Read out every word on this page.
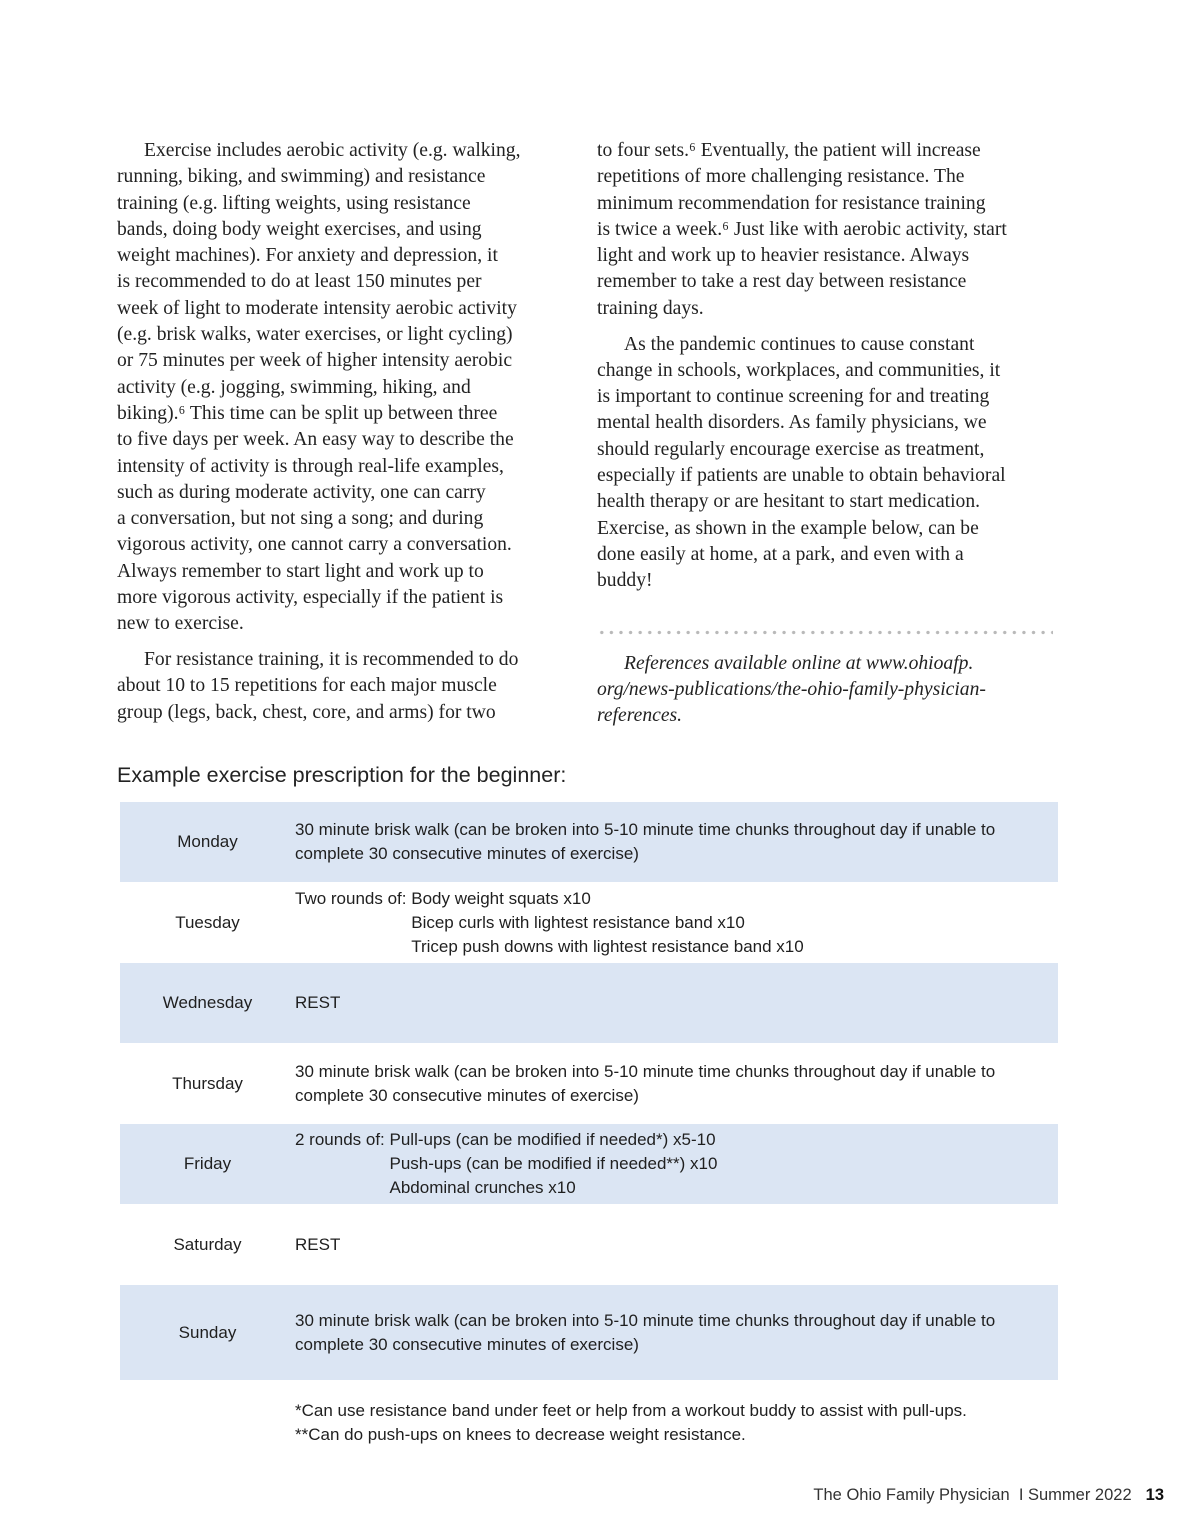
Exercise includes aerobic activity (e.g. walking,
running, biking, and swimming) and resistance
training (e.g. lifting weights, using resistance
bands, doing body weight exercises, and using
weight machines). For anxiety and depression, it
is recommended to do at least 150 minutes per
week of light to moderate intensity aerobic activity
(e.g. brisk walks, water exercises, or light cycling)
or 75 minutes per week of higher intensity aerobic
activity (e.g. jogging, swimming, hiking, and
biking).⁶ This time can be split up between three
to five days per week. An easy way to describe the
intensity of activity is through real-life examples,
such as during moderate activity, one can carry
a conversation, but not sing a song; and during
vigorous activity, one cannot carry a conversation.
Always remember to start light and work up to
more vigorous activity, especially if the patient is
new to exercise.

For resistance training, it is recommended to do
about 10 to 15 repetitions for each major muscle
group (legs, back, chest, core, and arms) for two

to four sets.⁶ Eventually, the patient will increase
repetitions of more challenging resistance. The
minimum recommendation for resistance training
is twice a week.⁶ Just like with aerobic activity, start
light and work up to heavier resistance. Always
remember to take a rest day between resistance
training days.

As the pandemic continues to cause constant
change in schools, workplaces, and communities, it
is important to continue screening for and treating
mental health disorders. As family physicians, we
should regularly encourage exercise as treatment,
especially if patients are unable to obtain behavioral
health therapy or are hesitant to start medication.
Exercise, as shown in the example below, can be
done easily at home, at a park, and even with a
buddy!

References available online at www.ohioafp.
org/news-publications/the-ohio-family-physician-
references.

Example exercise prescription for the beginner:
Monday
30 minute brisk walk (can be broken into 5-10 minute time chunks throughout day if unable to
complete 30 consecutive minutes of exercise)
Tuesday
Two rounds of: Body weight squats x10
Bicep curls with lightest resistance band x10
Tricep push downs with lightest resistance band x10
Wednesday	REST
Thursday
30 minute brisk walk (can be broken into 5-10 minute time chunks throughout day if unable to
complete 30 consecutive minutes of exercise)
Friday
2 rounds of: Pull-ups (can be modified if needed*) x5-10
Push-ups (can be modified if needed**) x10
Abdominal crunches x10
Saturday	REST
Sunday
30 minute brisk walk (can be broken into 5-10 minute time chunks throughout day if unable to
complete 30 consecutive minutes of exercise)
*Can use resistance band under feet or help from a workout buddy to assist with pull-ups.
**Can do push-ups on knees to decrease weight resistance.
The Ohio Family Physician  I Summer 2022 13
